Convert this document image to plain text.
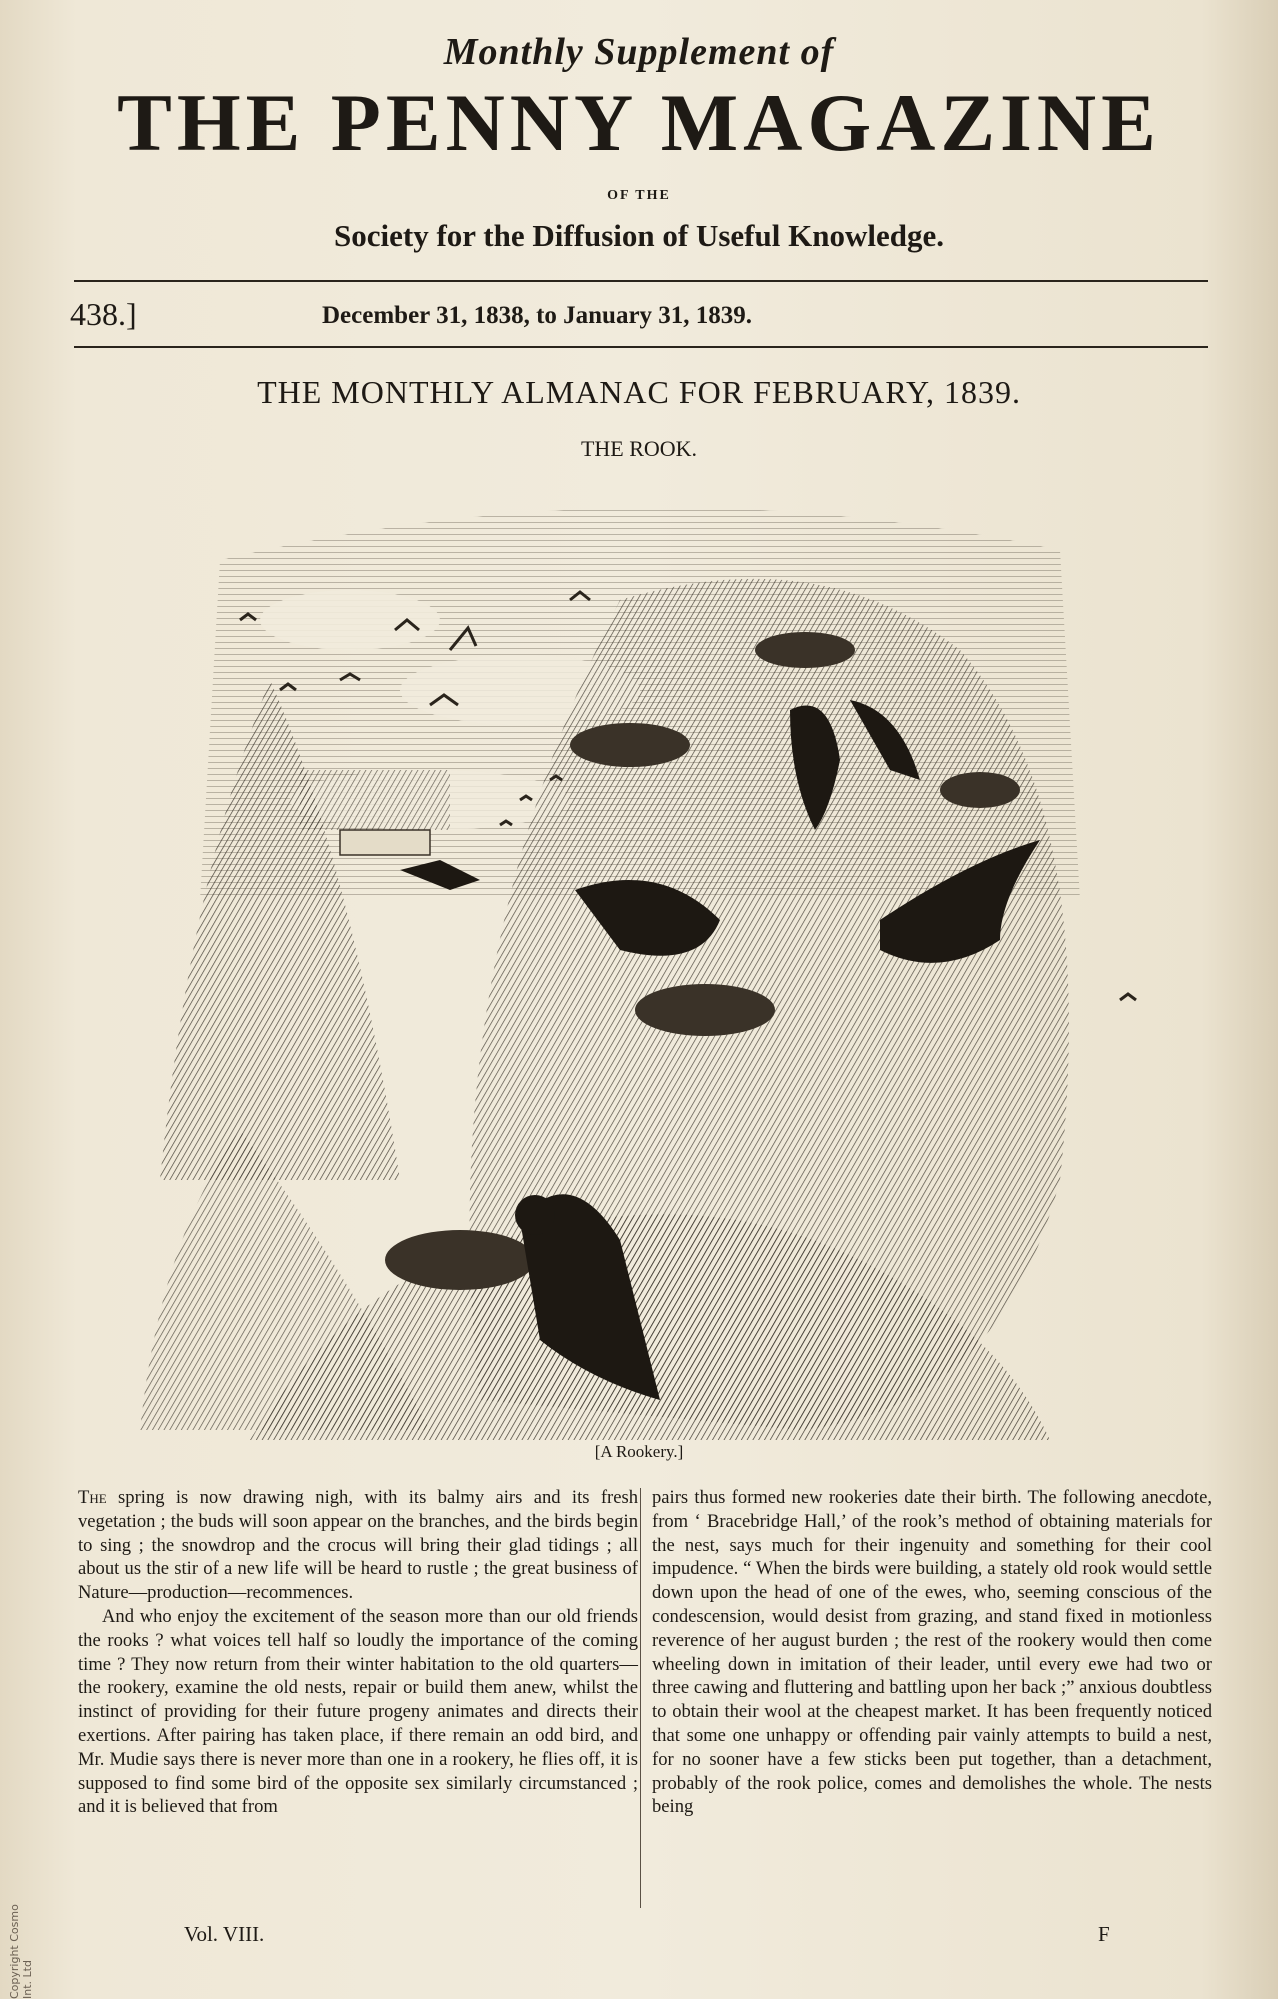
Monthly Supplement of
THE PENNY MAGAZINE
OF THE
Society for the Diffusion of Useful Knowledge.
438.]	December 31, 1838, to January 31, 1839.
THE MONTHLY ALMANAC FOR FEBRUARY, 1839.
THE ROOK.
[A Rookery.]

The spring is now drawing nigh, with its balmy airs and its fresh vegetation ; the buds will soon appear on the branches, and the birds begin to sing ; the snowdrop and the crocus will bring their glad tidings ; all about us the stir of a new life will be heard to rustle ; the great business of Nature—production—recommences.

And who enjoy the excitement of the season more than our old friends the rooks ? what voices tell half so loudly the importance of the coming time ? They now return from their winter habitation to the old quarters—the rookery, examine the old nests, repair or build them anew, whilst the instinct of providing for their future progeny animates and directs their exertions. After pairing has taken place, if there remain an odd bird, and Mr. Mudie says there is never more than one in a rookery, he flies off, it is supposed to find some bird of the opposite sex similarly circumstanced ; and it is believed that from

pairs thus formed new rookeries date their birth. The following anecdote, from ‘ Bracebridge Hall,’ of the rook’s method of obtaining materials for the nest, says much for their ingenuity and something for their cool impudence. “ When the birds were building, a stately old rook would settle down upon the head of one of the ewes, who, seeming conscious of the condescension, would desist from grazing, and stand fixed in motionless reverence of her august burden ; the rest of the rookery would then come wheeling down in imitation of their leader, until every ewe had two or three cawing and fluttering and battling upon her back ;” anxious doubtless to obtain their wool at the cheapest market. It has been frequently noticed that some one unhappy or offending pair vainly attempts to build a nest, for no sooner have a few sticks been put together, than a detachment, probably of the rook police, comes and demolishes the whole. The nests being

Vol. VIII.	F
Copyright Cosmo Int. Ltd
